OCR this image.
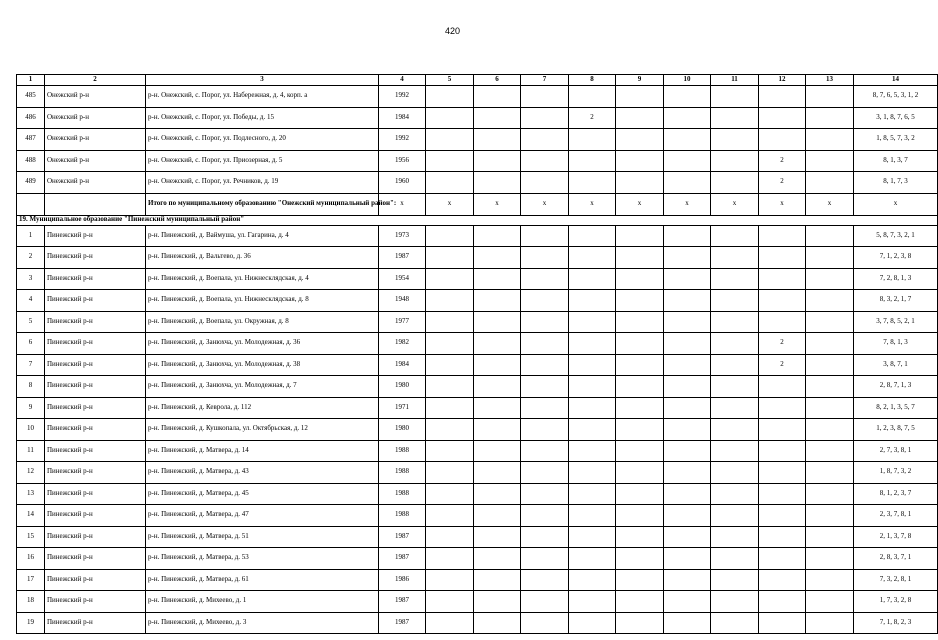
420
1	2	3	4	5	6	7	8	9	10	11	12	13	14
485	Онежский р-н	р-н. Онежский, с. Порог, ул. Набережная, д. 4, корп. а	1992										8, 7, 6, 5, 3, 1, 2
486	Онежский р-н	р-н. Онежский, с. Порог, ул. Победы, д. 15	1984				2						3, 1, 8, 7, 6, 5
487	Онежский р-н	р-н. Онежский, с. Порог, ул. Подлесного, д. 20	1992										1, 8, 5, 7, 3, 2
488	Онежский р-н	р-н. Онежский, с. Порог, ул. Приозерная, д. 5	1956								2		8, 1, 3, 7
489	Онежский р-н	р-н. Онежский, с. Порог, ул. Речников, д. 19	1960								2		8, 1, 7, 3
		Итого по муниципальному образованию "Онежский муниципальный район":	x	x	x	x	x	x	x	x	x	x	x
19. Муниципальное образование "Пинежский муниципальный район"													
1	Пинежский р-н	р-н. Пинежский, д. Ваймуша, ул. Гагарина, д. 4	1973										5, 8, 7, 3, 2, 1
2	Пинежский р-н	р-н. Пинежский, д. Вальтево, д. 36	1987										7, 1, 2, 3, 8
3	Пинежский р-н	р-н. Пинежский, д. Воепала, ул. Нижнесклядская, д. 4	1954										7, 2, 8, 1, 3
4	Пинежский р-н	р-н. Пинежский, д. Воепала, ул. Нижнесклядская, д. 8	1948										8, 3, 2, 1, 7
5	Пинежский р-н	р-н. Пинежский, д. Воепала, ул. Окружная, д. 8	1977										3, 7, 8, 5, 2, 1
6	Пинежский р-н	р-н. Пинежский, д. Занюхча, ул. Молодежная, д. 36	1982								2		7, 8, 1, 3
7	Пинежский р-н	р-н. Пинежский, д. Занюхча, ул. Молодежная, д. 38	1984								2		3, 8, 7, 1
8	Пинежский р-н	р-н. Пинежский, д. Занюхча, ул. Молодежная, д. 7	1980										2, 8, 7, 1, 3
9	Пинежский р-н	р-н. Пинежский, д. Кеврола, д. 112	1971										8, 2, 1, 3, 5, 7
10	Пинежский р-н	р-н. Пинежский, д. Кушкопала, ул. Октябрьская, д. 12	1980										1, 2, 3, 8, 7, 5
11	Пинежский р-н	р-н. Пинежский, д. Матвера, д. 14	1988										2, 7, 3, 8, 1
12	Пинежский р-н	р-н. Пинежский, д. Матвера, д. 43	1988										1, 8, 7, 3, 2
13	Пинежский р-н	р-н. Пинежский, д. Матвера, д. 45	1988										8, 1, 2, 3, 7
14	Пинежский р-н	р-н. Пинежский, д. Матвера, д. 47	1988										2, 3, 7, 8, 1
15	Пинежский р-н	р-н. Пинежский, д. Матвера, д. 51	1987										2, 1, 3, 7, 8
16	Пинежский р-н	р-н. Пинежский, д. Матвера, д. 53	1987										2, 8, 3, 7, 1
17	Пинежский р-н	р-н. Пинежский, д. Матвера, д. 61	1986										7, 3, 2, 8, 1
18	Пинежский р-н	р-н. Пинежский, д. Михеево, д. 1	1987										1, 7, 3, 2, 8
19	Пинежский р-н	р-н. Пинежский, д. Михеево, д. 3	1987										7, 1, 8, 2, 3
